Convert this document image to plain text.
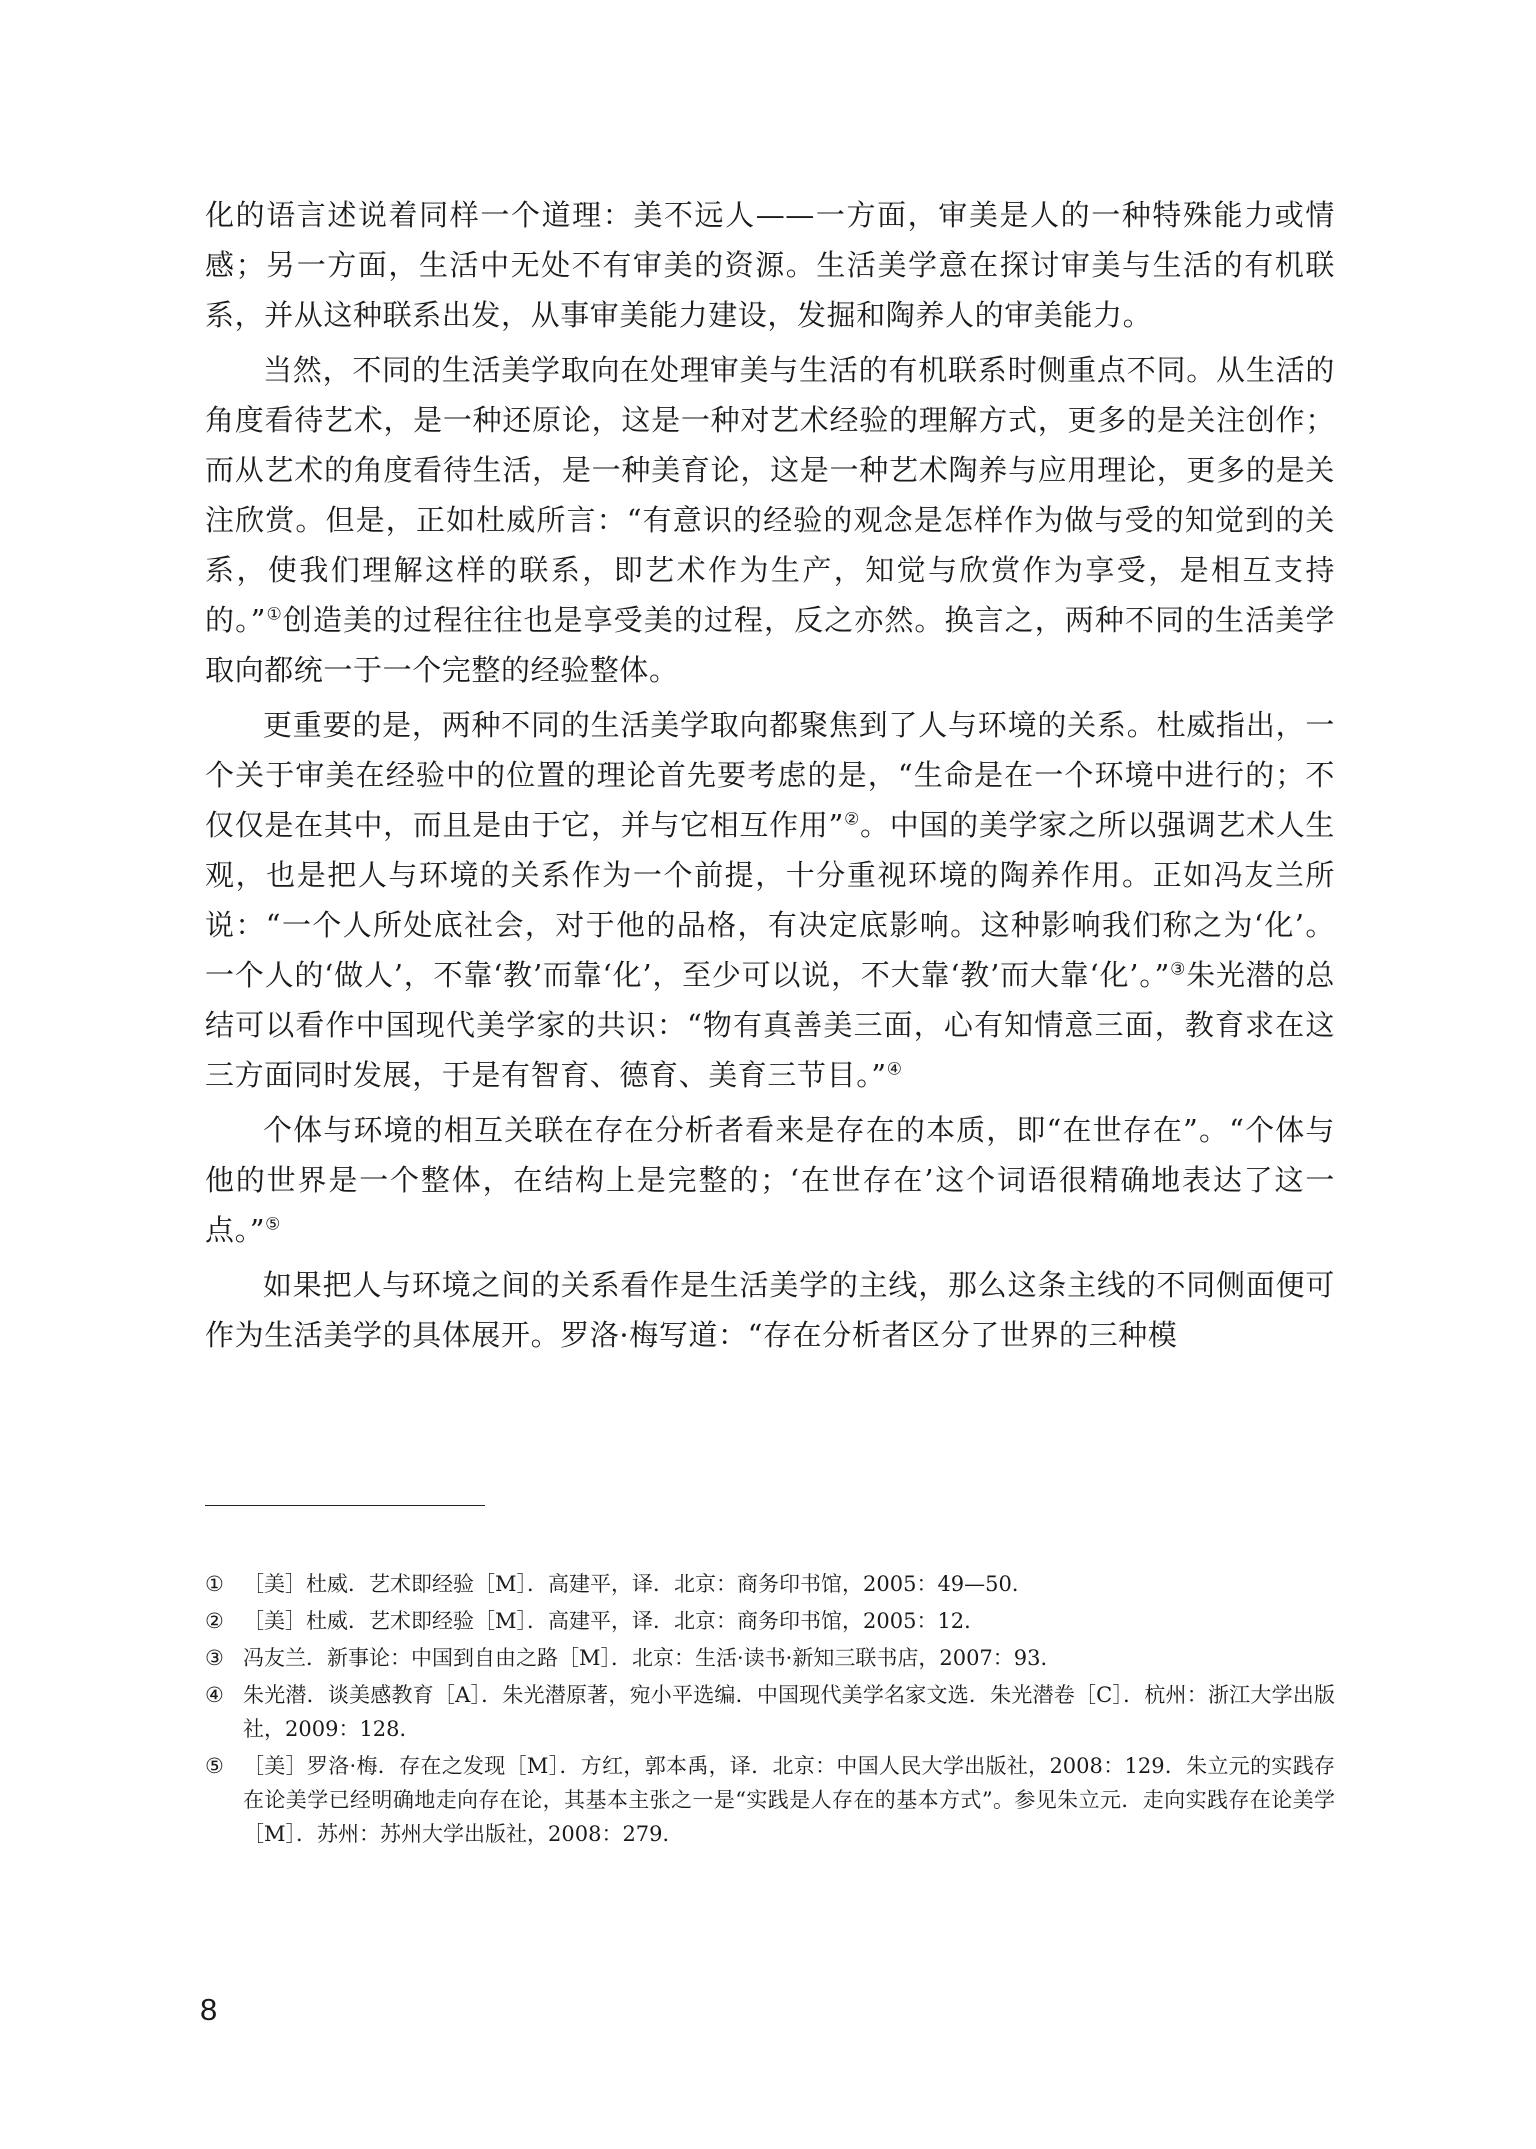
化的语言述说着同样一个道理：美不远人——一方面，审美是人的一种特殊能力或情感；另一方面，生活中无处不有审美的资源。生活美学意在探讨审美与生活的有机联系，并从这种联系出发，从事审美能力建设，发掘和陶养人的审美能力。

当然，不同的生活美学取向在处理审美与生活的有机联系时侧重点不同。从生活的角度看待艺术，是一种还原论，这是一种对艺术经验的理解方式，更多的是关注创作；而从艺术的角度看待生活，是一种美育论，这是一种艺术陶养与应用理论，更多的是关注欣赏。但是，正如杜威所言：“有意识的经验的观念是怎样作为做与受的知觉到的关系，使我们理解这样的联系，即艺术作为生产，知觉与欣赏作为享受，是相互支持的。”①创造美的过程往往也是享受美的过程，反之亦然。换言之，两种不同的生活美学取向都统一于一个完整的经验整体。

更重要的是，两种不同的生活美学取向都聚焦到了人与环境的关系。杜威指出，一个关于审美在经验中的位置的理论首先要考虑的是，“生命是在一个环境中进行的；不仅仅是在其中，而且是由于它，并与它相互作用”②。中国的美学家之所以强调艺术人生观，也是把人与环境的关系作为一个前提，十分重视环境的陶养作用。正如冯友兰所说：“一个人所处底社会，对于他的品格，有决定底影响。这种影响我们称之为‘化’。一个人的‘做人’，不靠‘教’而靠‘化’，至少可以说，不大靠‘教’而大靠‘化’。”③朱光潜的总结可以看作中国现代美学家的共识：“物有真善美三面，心有知情意三面，教育求在这三方面同时发展，于是有智育、德育、美育三节目。”④

个体与环境的相互关联在存在分析者看来是存在的本质，即“在世存在”。“个体与他的世界是一个整体，在结构上是完整的；‘在世存在’这个词语很精确地表达了这一点。”⑤

如果把人与环境之间的关系看作是生活美学的主线，那么这条主线的不同侧面便可作为生活美学的具体展开。罗洛·梅写道：“存在分析者区分了世界的三种模

① ［美］杜威．艺术即经验［M］．高建平，译．北京：商务印书馆，2005：49—50．
② ［美］杜威．艺术即经验［M］．高建平，译．北京：商务印书馆，2005：12．
③ 冯友兰．新事论：中国到自由之路［M］．北京：生活·读书·新知三联书店，2007：93．
④ 朱光潜．谈美感教育［A］．朱光潜原著，宛小平选编．中国现代美学名家文选．朱光潜卷［C］．杭州：浙江大学出版社，2009：128．
⑤ ［美］罗洛·梅．存在之发现［M］．方红，郭本禹，译．北京：中国人民大学出版社，2008：129．朱立元的实践存在论美学已经明确地走向存在论，其基本主张之一是“实践是人存在的基本方式”。参见朱立元．走向实践存在论美学［M］．苏州：苏州大学出版社，2008：279．
8
